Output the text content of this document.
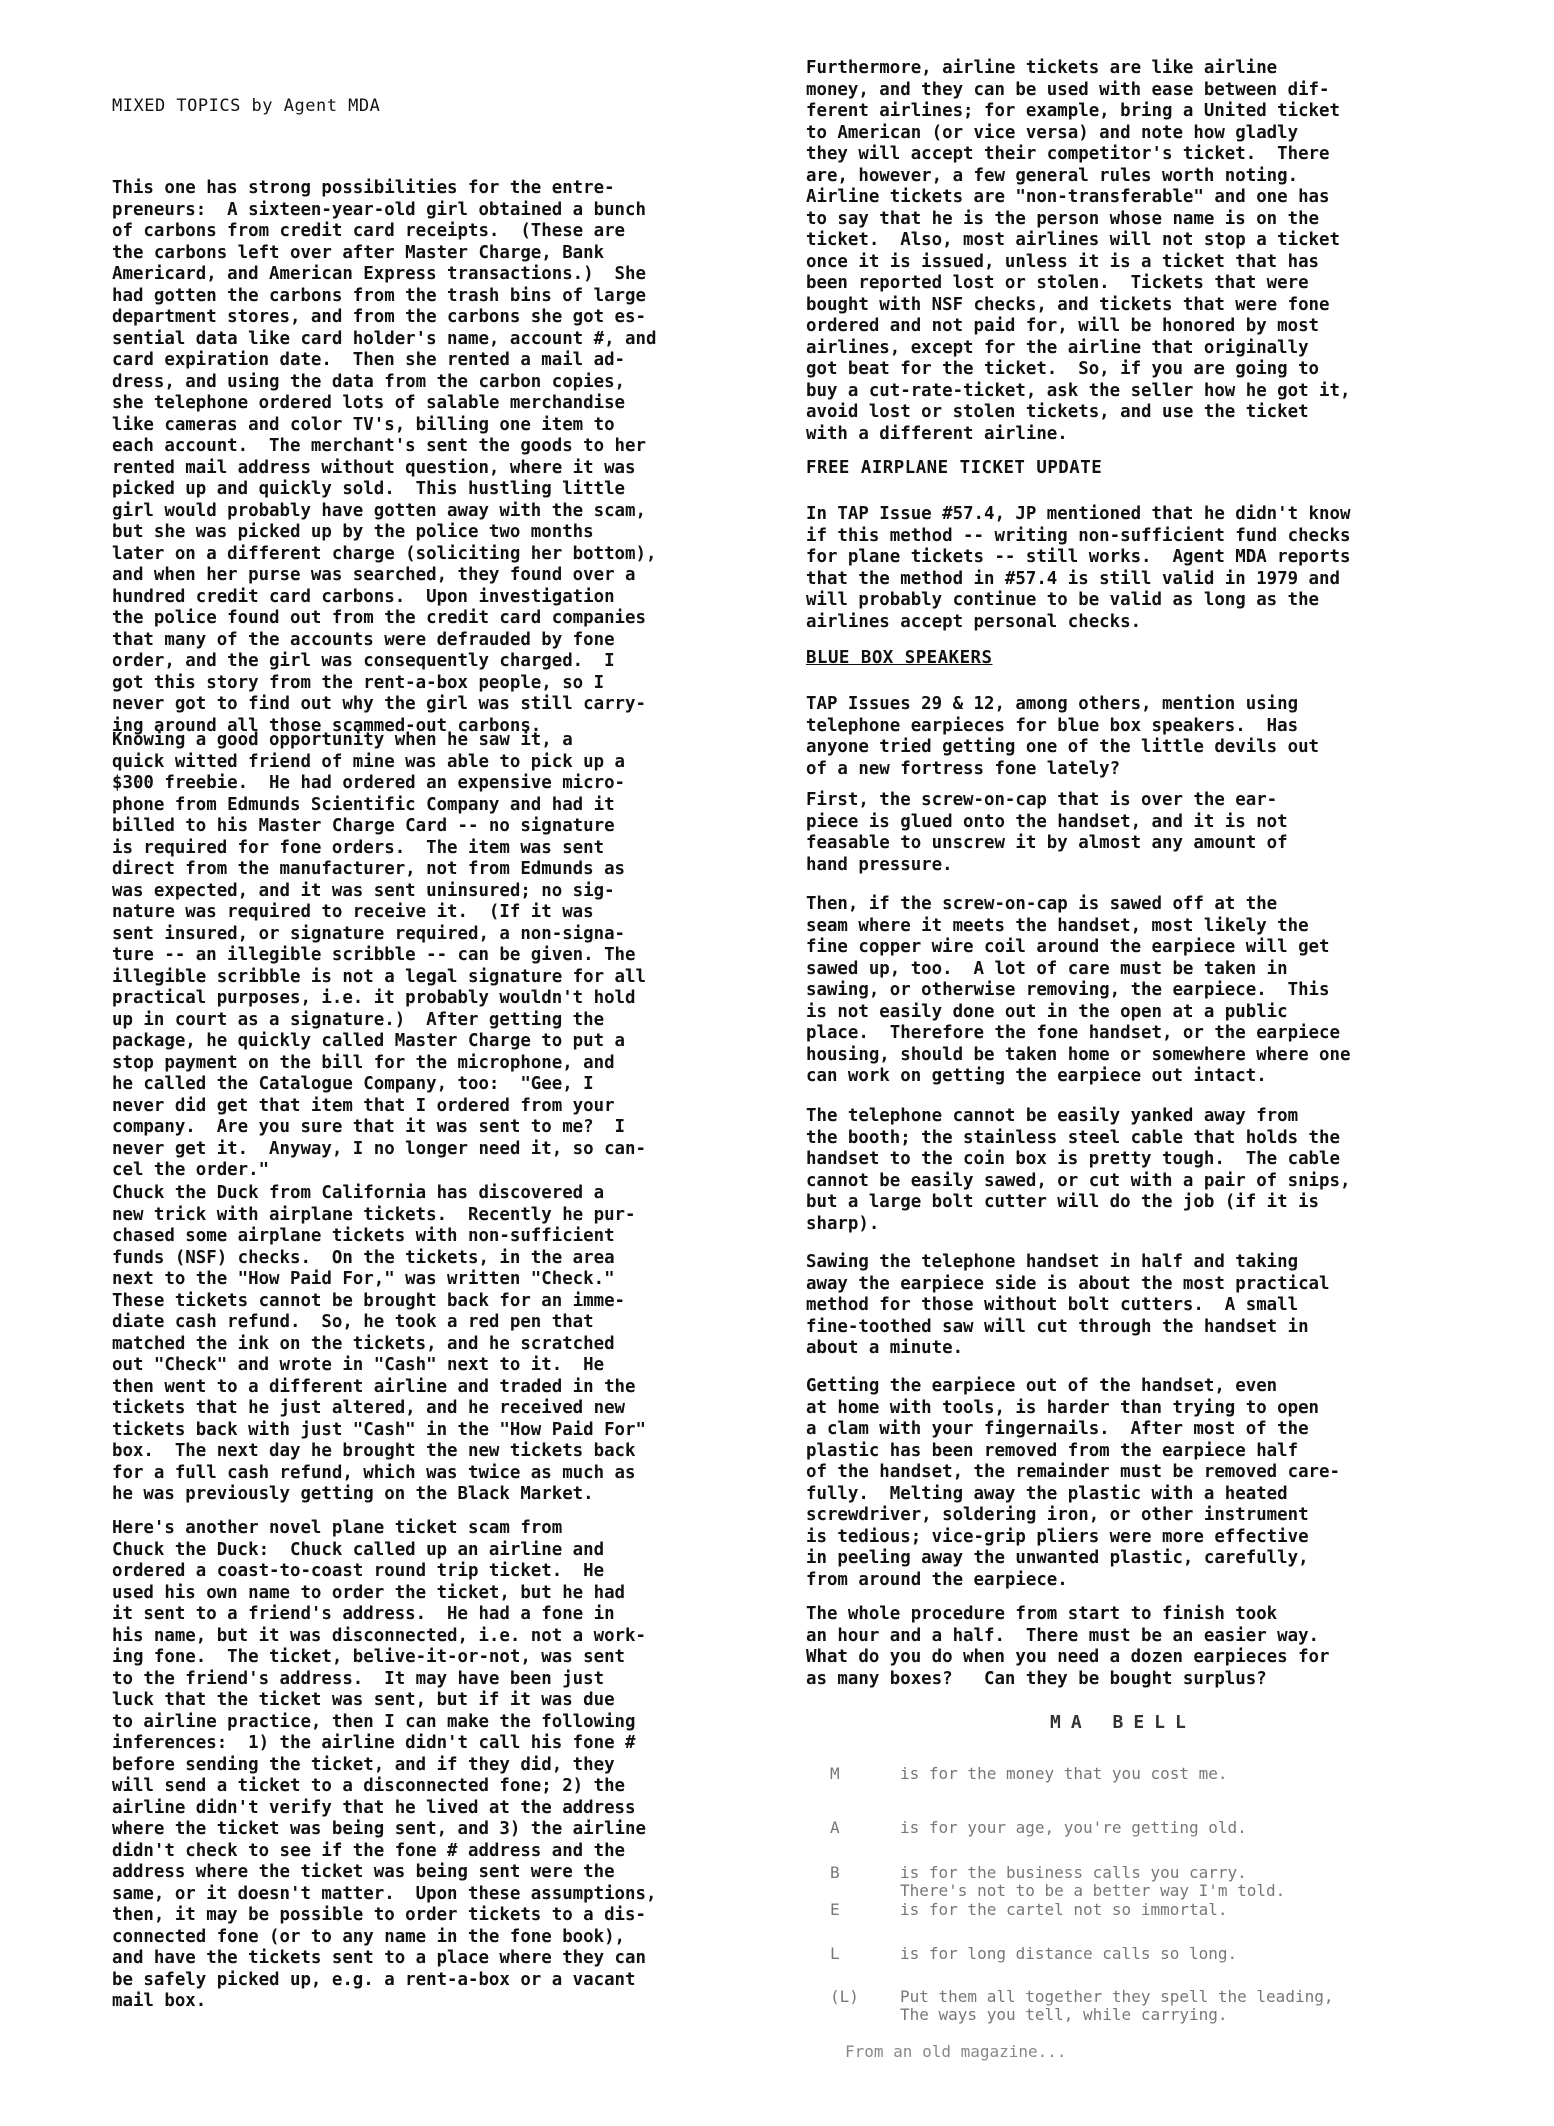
MIXED TOPICS by Agent MDA

This one has strong possibilities for the entre-
preneurs:  A sixteen-year-old girl obtained a bunch
of carbons from credit card receipts.  (These are
the carbons left over after Master Charge, Bank
Americard, and American Express transactions.)  She
had gotten the carbons from the trash bins of large
department stores, and from the carbons she got es-
sential data like card holder's name, account #, and
card expiration date.  Then she rented a mail ad-
dress, and using the data from the carbon copies,
she telephone ordered lots of salable merchandise
like cameras and color TV's, billing one item to
each account.  The merchant's sent the goods to her
rented mail address without question, where it was
picked up and quickly sold.  This hustling little
girl would probably have gotten away with the scam,
but she was picked up by the police two months
later on a different charge (soliciting her bottom),
and when her purse was searched, they found over a
hundred credit card carbons.  Upon investigation
the police found out from the credit card companies
that many of the accounts were defrauded by fone
order, and the girl was consequently charged.  I
got this story from the rent-a-box people, so I
never got to find out why the girl was still carry-
ing around all those scammed-out carbons.

Knowing a good opportunity when he saw it, a
quick witted friend of mine was able to pick up a
$300 freebie.  He had ordered an expensive micro-
phone from Edmunds Scientific Company and had it
billed to his Master Charge Card -- no signature
is required for fone orders.  The item was sent
direct from the manufacturer, not from Edmunds as
was expected, and it was sent uninsured; no sig-
nature was required to receive it.  (If it was
sent insured, or signature required, a non-signa-
ture -- an illegible scribble -- can be given. The
illegible scribble is not a legal signature for all
practical purposes, i.e. it probably wouldn't hold
up in court as a signature.)  After getting the
package, he quickly called Master Charge to put a
stop payment on the bill for the microphone, and
he called the Catalogue Company, too:  "Gee, I
never did get that item that I ordered from your
company.  Are you sure that it was sent to me?  I
never get it.  Anyway, I no longer need it, so can-
cel the order."

Chuck the Duck from California has discovered a
new trick with airplane tickets.  Recently he pur-
chased some airplane tickets with non-sufficient
funds (NSF) checks.  On the tickets, in the area
next to the "How Paid For," was written "Check."
These tickets cannot be brought back for an imme-
diate cash refund.  So, he took a red pen that
matched the ink on the tickets, and he scratched
out "Check" and wrote in "Cash" next to it.  He
then went to a different airline and traded in the
tickets that he just altered, and he received new
tickets back with just "Cash" in the "How Paid For"
box.  The next day he brought the new tickets back
for a full cash refund, which was twice as much as
he was previously getting on the Black Market.

Here's another novel plane ticket scam from
Chuck the Duck:  Chuck called up an airline and
ordered a coast-to-coast round trip ticket.  He
used his own name to order the ticket, but he had
it sent to a friend's address.  He had a fone in
his name, but it was disconnected, i.e. not a work-
ing fone.  The ticket, belive-it-or-not, was sent
to the friend's address.  It may have been just
luck that the ticket was sent, but if it was due
to airline practice, then I can make the following
inferences:  1) the airline didn't call his fone #
before sending the ticket, and if they did, they
will send a ticket to a disconnected fone; 2) the
airline didn't verify that he lived at the address
where the ticket was being sent, and 3) the airline
didn't check to see if the fone # address and the
address where the ticket was being sent were the
same, or it doesn't matter.  Upon these assumptions,
then, it may be possible to order tickets to a dis-
connected fone (or to any name in the fone book),
and have the tickets sent to a place where they can
be safely picked up, e.g. a rent-a-box or a vacant
mail box.

Furthermore, airline tickets are like airline
money, and they can be used with ease between dif-
ferent airlines; for example, bring a United ticket
to American (or vice versa) and note how gladly
they will accept their competitor's ticket.  There
are, however, a few general rules worth noting.
Airline tickets are "non-transferable" and one has
to say that he is the person whose name is on the
ticket.  Also, most airlines will not stop a ticket
once it is issued, unless it is a ticket that has
been reported lost or stolen.  Tickets that were
bought with NSF checks, and tickets that were fone
ordered and not paid for, will be honored by most
airlines, except for the airline that originally
got beat for the ticket.  So, if you are going to
buy a cut-rate-ticket, ask the seller how he got it,
avoid lost or stolen tickets, and use the ticket
with a different airline.

FREE AIRPLANE TICKET UPDATE

In TAP Issue #57.4, JP mentioned that he didn't know
if this method -- writing non-sufficient fund checks
for plane tickets -- still works.  Agent MDA reports
that the method in #57.4 is still valid in 1979 and
will probably continue to be valid as long as the
airlines accept personal checks.

BLUE BOX SPEAKERS

TAP Issues 29 & 12, among others, mention using
telephone earpieces for blue box speakers.  Has
anyone tried getting one of the little devils out
of a new fortress fone lately?

First, the screw-on-cap that is over the ear-
piece is glued onto the handset, and it is not
feasable to unscrew it by almost any amount of
hand pressure.

Then, if the screw-on-cap is sawed off at the
seam where it meets the handset, most likely the
fine copper wire coil around the earpiece will get
sawed up, too.  A lot of care must be taken in
sawing, or otherwise removing, the earpiece.  This
is not easily done out in the open at a public
place.  Therefore the fone handset, or the earpiece
housing, should be taken home or somewhere where one
can work on getting the earpiece out intact.

The telephone cannot be easily yanked away from
the booth; the stainless steel cable that holds the
handset to the coin box is pretty tough.  The cable
cannot be easily sawed, or cut with a pair of snips,
but a large bolt cutter will do the job (if it is
sharp).

Sawing the telephone handset in half and taking
away the earpiece side is about the most practical
method for those without bolt cutters.  A small
fine-toothed saw will cut through the handset in
about a minute.

Getting the earpiece out of the handset, even
at home with tools, is harder than trying to open
a clam with your fingernails.  After most of the
plastic has been removed from the earpiece half
of the handset, the remainder must be removed care-
fully.  Melting away the plastic with a heated
screwdriver, soldering iron, or other instrument
is tedious; vice-grip pliers were more effective
in peeling away the unwanted plastic, carefully,
from around the earpiece.

The whole procedure from start to finish took
an hour and a half.  There must be an easier way.
What do you do when you need a dozen earpieces for
as many boxes?   Can they be bought surplus?

MA BELL

M	is for the money that you cost me.

A	is for your age, you're getting old.

B	is for the business calls you carry.
There's not to be a better way I'm told.

E	is for the cartel not so immortal.

L	is for long distance calls so long.

(L)	Put them all together they spell the leading,
The ways you tell, while carrying.

From an old magazine...
